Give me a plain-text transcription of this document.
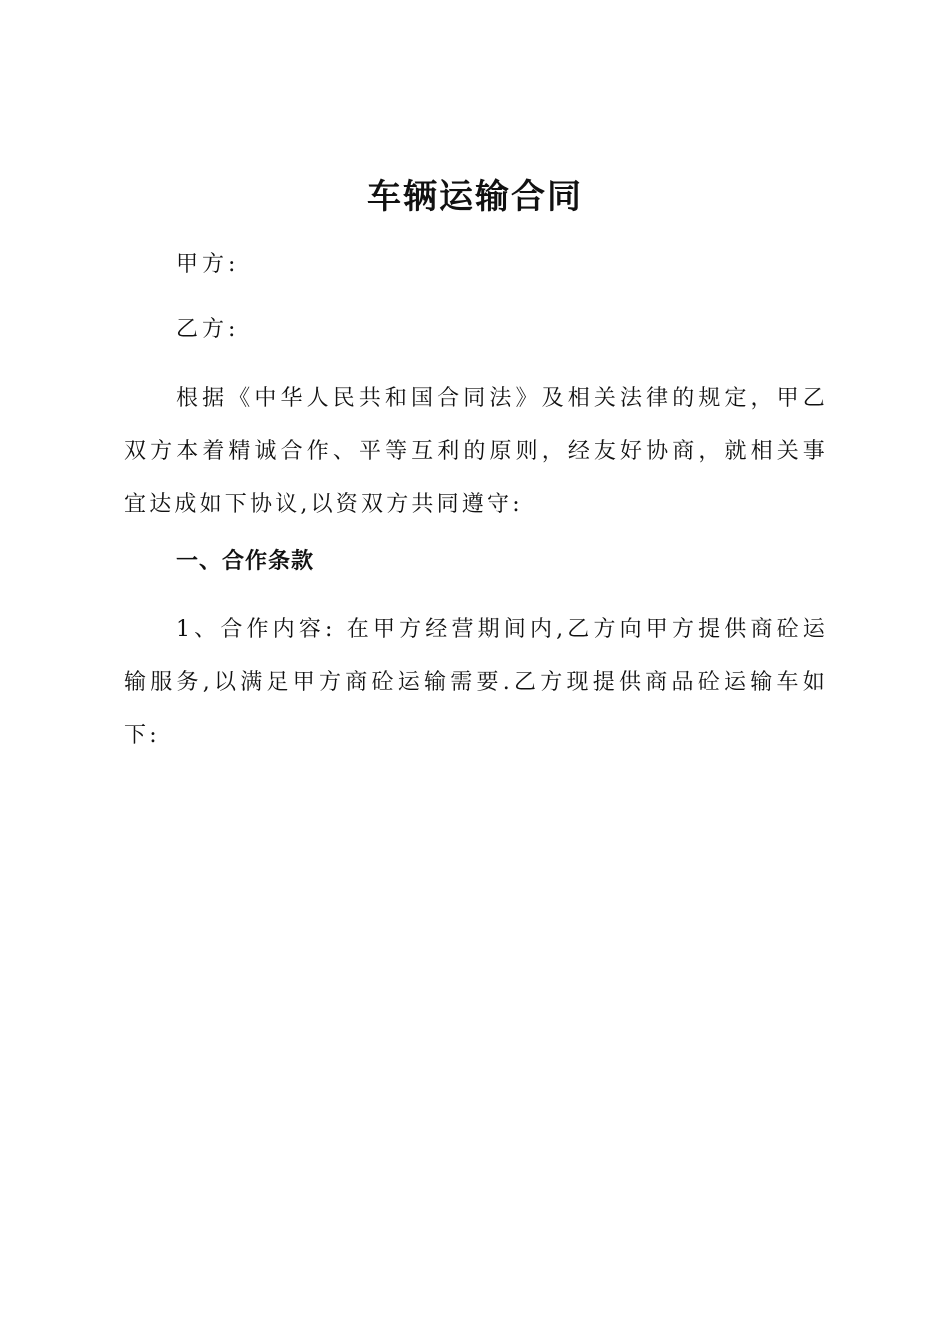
车辆运输合同
甲方:
乙方:
根据《中华人民共和国合同法》及相关法律的规定，甲乙双方本着精诚合作、平等互利的原则，经友好协商，就相关事宜达成如下协议,以资双方共同遵守:
一、合作条款
1、合作内容: 在甲方经营期间内,乙方向甲方提供商砼运输服务,以满足甲方商砼运输需要.乙方现提供商品砼运输车如下:
